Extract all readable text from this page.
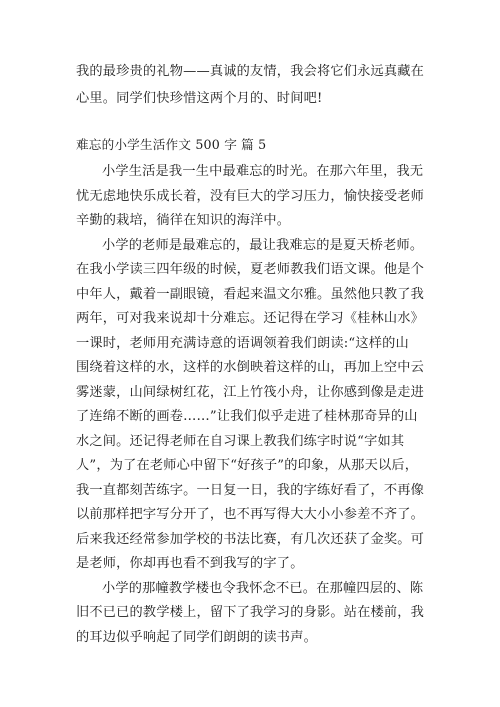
我的最珍贵的礼物——真诚的友情，我会将它们永远真藏在
心里。同学们快珍惜这两个月的、时间吧!
难忘的小学生活作文 500 字 篇 5
小学生活是我一生中最难忘的时光。在那六年里，我无
忧无虑地快乐成长着，没有巨大的学习压力，愉快接受老师
辛勤的栽培，徜徉在知识的海洋中。
小学的老师是最难忘的，最让我难忘的是夏天桥老师。
在我小学读三四年级的时候，夏老师教我们语文课。他是个
中年人，戴着一副眼镜，看起来温文尔雅。虽然他只教了我
两年，可对我来说却十分难忘。还记得在学习《桂林山水》
一课时，老师用充满诗意的语调领着我们朗读:“这样的山
围绕着这样的水，这样的水倒映着这样的山，再加上空中云
雾迷蒙，山间绿树红花，江上竹筏小舟，让你感到像是走进
了连绵不断的画卷……”让我们似乎走进了桂林那奇异的山
水之间。还记得老师在自习课上教我们练字时说“字如其
人”，为了在老师心中留下“好孩子”的印象，从那天以后，
我一直都刻苦练字。一日复一日，我的字练好看了，不再像
以前那样把字写分开了，也不再写得大大小小参差不齐了。
后来我还经常参加学校的书法比赛，有几次还获了金奖。可
是老师，你却再也看不到我写的字了。
小学的那幢教学楼也令我怀念不已。在那幢四层的、陈
旧不已已的教学楼上，留下了我学习的身影。站在楼前，我
的耳边似乎响起了同学们朗朗的读书声。
